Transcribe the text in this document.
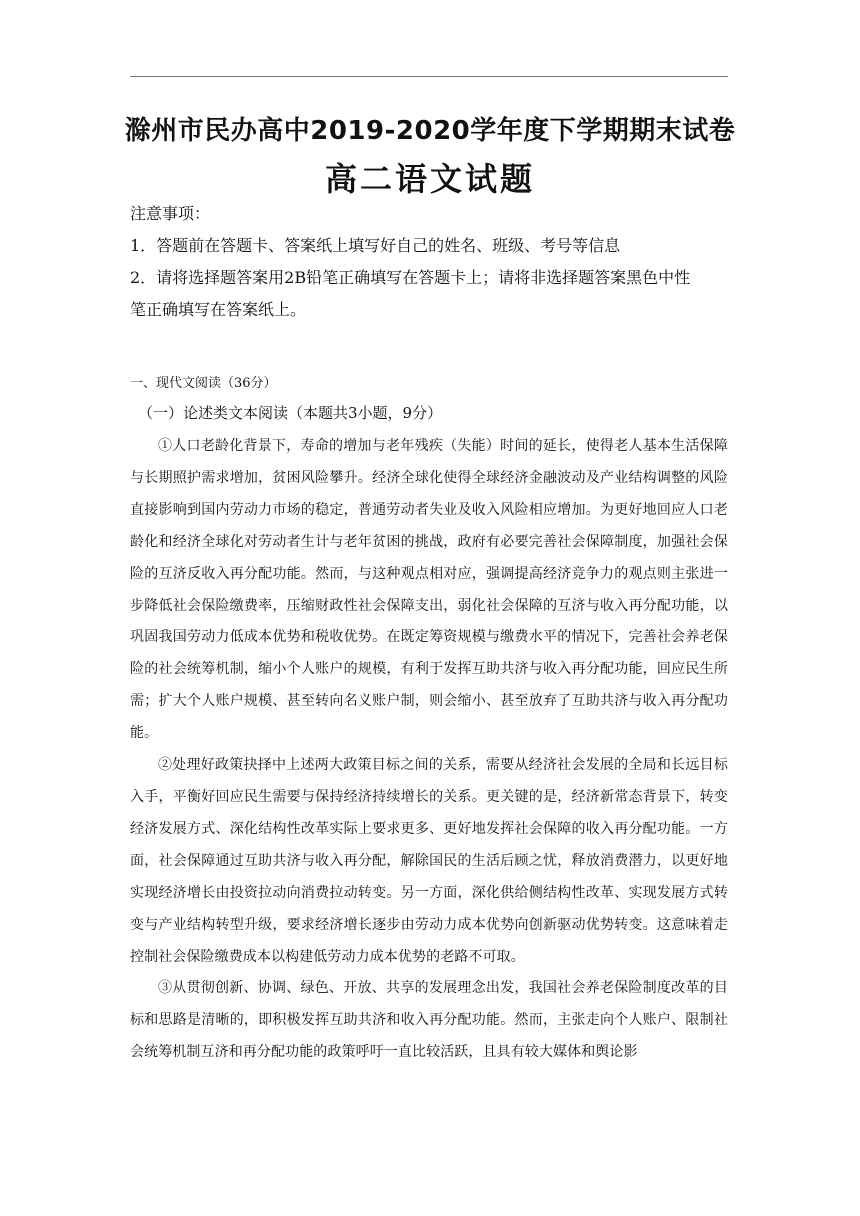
滁州市民办高中2019-2020学年度下学期期末试卷
高二语文试题
注意事项：
1．答题前在答题卡、答案纸上填写好自己的姓名、班级、考号等信息
2．请将选择题答案用2B铅笔正确填写在答题卡上；请将非选择题答案黑色中性
笔正确填写在答案纸上。
一、现代文阅读（36分）
（一）论述类文本阅读（本题共3小题，9分）

①人口老龄化背景下，寿命的增加与老年残疾（失能）时间的延长，使得老人基本生活保障与长期照护需求增加，贫困风险攀升。经济全球化使得全球经济金融波动及产业结构调整的风险直接影响到国内劳动力市场的稳定，普通劳动者失业及收入风险相应增加。为更好地回应人口老龄化和经济全球化对劳动者生计与老年贫困的挑战，政府有必要完善社会保障制度，加强社会保险的互济反收入再分配功能。然而，与这种观点相对应，强调提高经济竞争力的观点则主张进一步降低社会保险缴费率，压缩财政性社会保障支出，弱化社会保障的互济与收入再分配功能，以巩固我国劳动力低成本优势和税收优势。在既定筹资规模与缴费水平的情况下，完善社会养老保险的社会统筹机制，缩小个人账户的规模，有利于发挥互助共济与收入再分配功能，回应民生所需；扩大个人账户规模、甚至转向名义账户制，则会缩小、甚至放弃了互助共济与收入再分配功能。

②处理好政策抉择中上述两大政策目标之间的关系，需要从经济社会发展的全局和长远目标入手，平衡好回应民生需要与保持经济持续增长的关系。更关键的是，经济新常态背景下，转变经济发展方式、深化结构性改革实际上要求更多、更好地发挥社会保障的收入再分配功能。一方面，社会保障通过互助共济与收入再分配，解除国民的生活后顾之忧，释放消费潜力，以更好地实现经济增长由投资拉动向消费拉动转变。另一方面，深化供给侧结构性改革、实现发展方式转变与产业结构转型升级，要求经济增长逐步由劳动力成本优势向创新驱动优势转变。这意味着走控制社会保险缴费成本以构建低劳动力成本优势的老路不可取。

③从贯彻创新、协调、绿色、开放、共享的发展理念出发，我国社会养老保险制度改革的目标和思路是清晰的，即积极发挥互助共济和收入再分配功能。然而，主张走向个人账户、限制社会统筹机制互济和再分配功能的政策呼吁一直比较活跃，且具有较大媒体和舆论影
